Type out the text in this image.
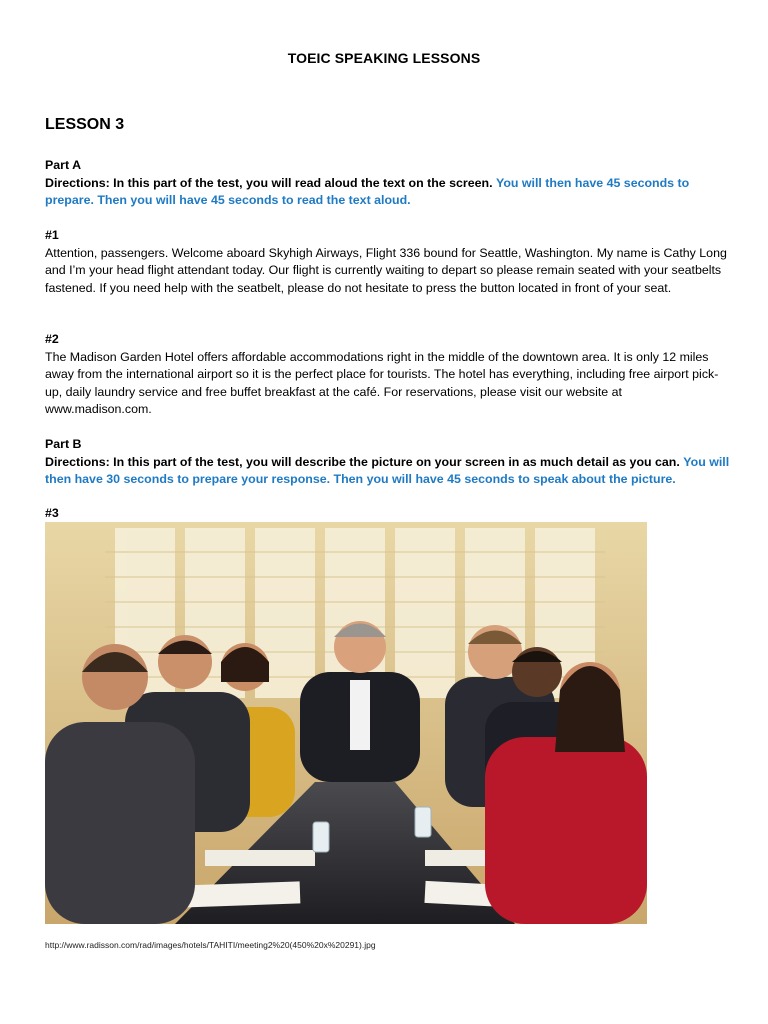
TOEIC SPEAKING LESSONS
LESSON 3
Part A
Directions: In this part of the test, you will read aloud the text on the screen. You will then have 45 seconds to prepare. Then you will have 45 seconds to read the text aloud.
#1
Attention, passengers. Welcome aboard Skyhigh Airways, Flight 336 bound for Seattle, Washington. My name is Cathy Long and I’m your head flight attendant today. Our flight is currently waiting to depart so please remain seated with your seatbelts fastened. If you need help with the seatbelt, please do not hesitate to press the button located in front of your seat.
#2
The Madison Garden Hotel offers affordable accommodations right in the middle of the downtown area. It is only 12 miles away from the international airport so it is the perfect place for tourists. The hotel has everything, including free airport pick-up, daily laundry service and free buffet breakfast at the café. For reservations, please visit our website at www.madison.com.
Part B
Directions: In this part of the test, you will describe the picture on your screen in as much detail as you can. You will then have 30 seconds to prepare your response. Then you will have 45 seconds to speak about the picture.
#3
http://www.radisson.com/rad/images/hotels/TAHITI/meeting2%20(450%20x%20291).jpg
